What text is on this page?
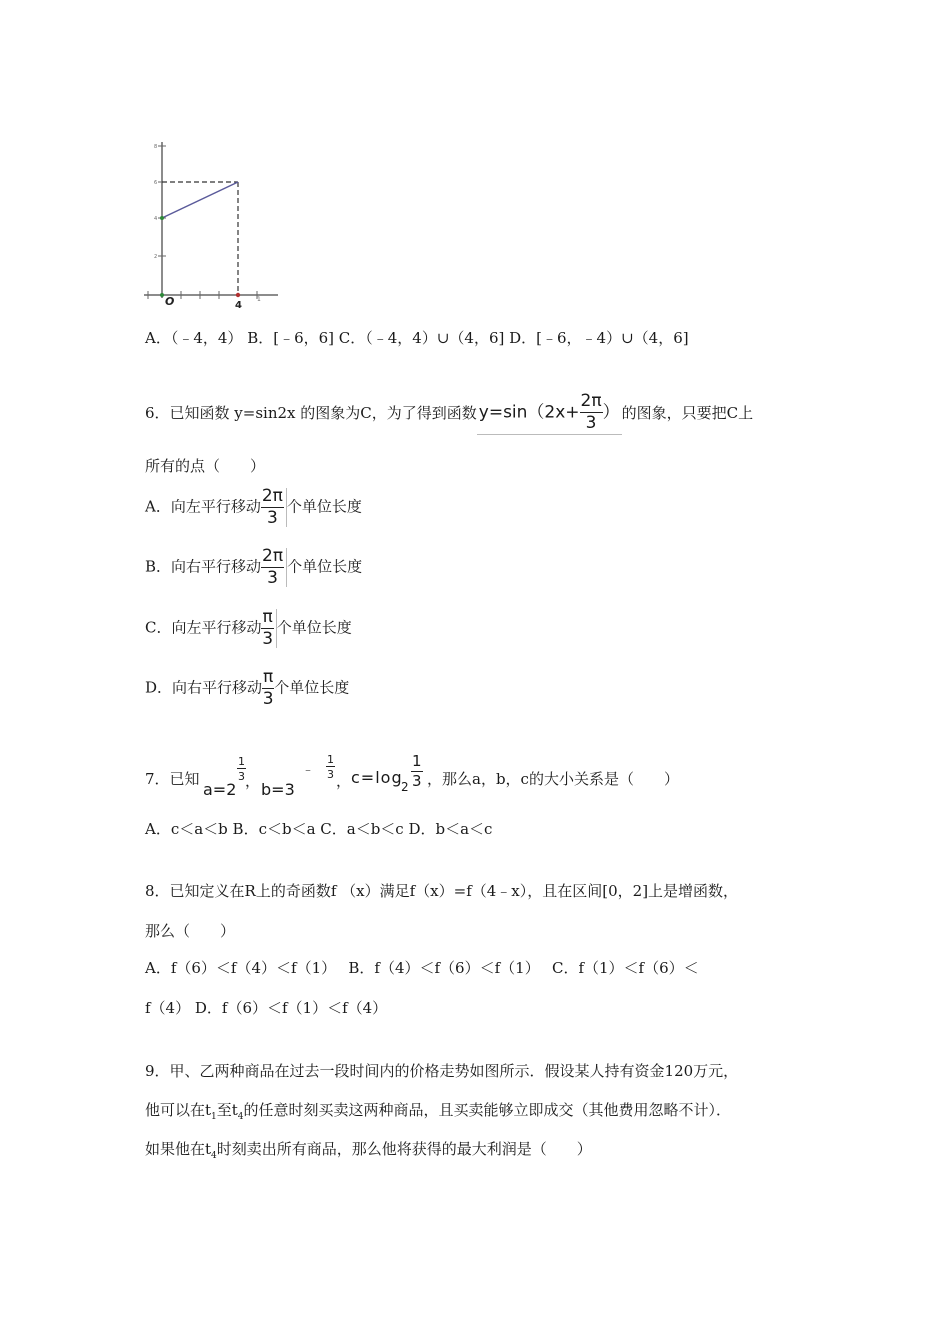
8
6
4
2
O	4
1
A．（﹣4，4） B．[﹣6，6] C．（﹣4，4）∪（4，6] D．[﹣6，﹣4）∪（4，6]
6．已知函数 y=sin2x 的图象为C，为了得到函数 $y=\sin(2x+ \frac{2\pi}{3}$ ） 的图象，只要把C上
所有的点（　　）
A．向左平行移动 $\frac{2\pi}{3}$ 个单位长度
B．向右平行移动 $\frac{2\pi}{3}$ 个单位长度
C．向左平行移动 $\frac{\pi}{3}$ 个单位长度
D．向右平行移动 $\frac{\pi}{3}$ 个单位长度
7．已知
a=2
$\frac{1}{3}$ ， b=3
﹣ $\frac{1}{3}$
， c=log
$2 \frac{1}{3}$ ，那么a，b，c的大小关系是（　　）
A．c＜a＜b B．c＜b＜a C．a＜b＜c D．b＜a＜c
8．已知定义在R上的奇函数f （x）满足f（x）=f（4﹣x），且在区间[0，2]上是增函数，
那么（　　）
A．f（6）＜f（4）＜f（1）　 B．f（4）＜f（6）＜f（1）　 C．f（1）＜f（6）＜
f（4） D．f（6）＜f（1）＜f（4）
9．甲、乙两种商品在过去一段时间内的价格走势如图所示．假设某人持有资金120万元，
他可以在$t_1$至$t_4$的任意时刻买卖这两种商品，且买卖能够立即成交（其他费用忽略不计）．
如果他在$t_4$时刻卖出所有商品，那么他将获得的最大利润是（　　）
